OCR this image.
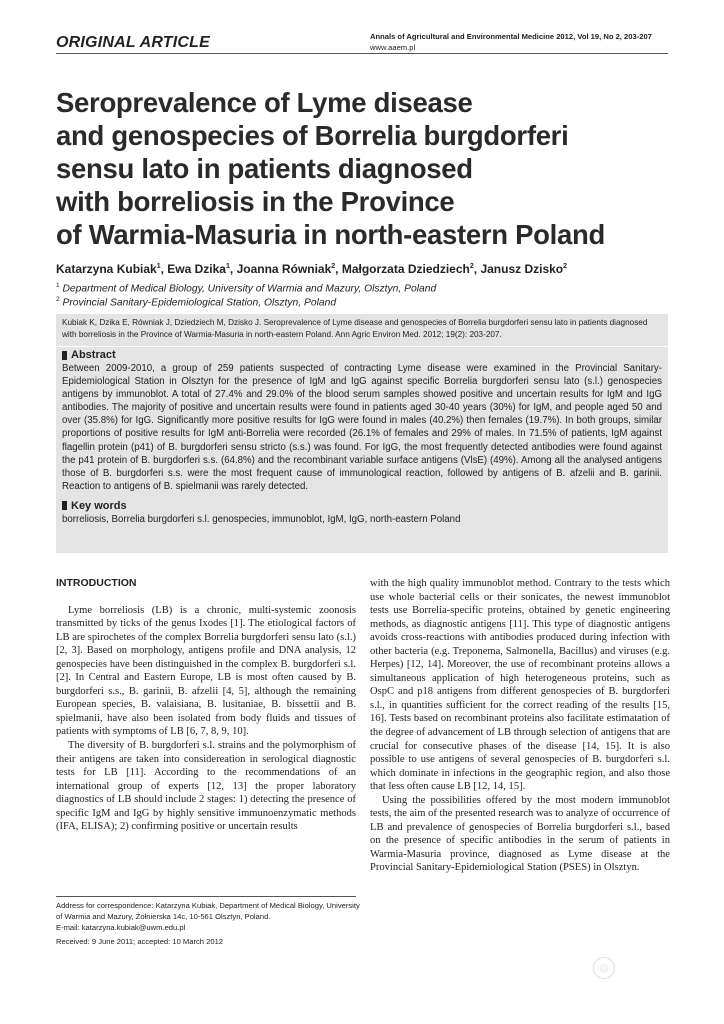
ORIGINAL ARTICLE	Annals of Agricultural and Environmental Medicine 2012, Vol 19, No 2, 203-207
www.aaem.pl
Seroprevalence of Lyme disease
and genospecies of Borrelia burgdorferi
sensu lato in patients diagnosed
with borreliosis in the Province
of Warmia-Masuria in north-eastern Poland
Katarzyna Kubiak$^1$, Ewa Dzika$^1$, Joanna Równiak$^2$, Małgorzata Dziedziech$^2$, Janusz Dzisko$^2$
$^1$ Department of Medical Biology, University of Warmia and Mazury, Olsztyn, Poland
$^2$ Provincial Sanitary-Epidemiological Station, Olsztyn, Poland
Kubiak K, Dzika E, Równiak J, Dziedziech M, Dzisko J. Seroprevalence of Lyme disease and genospecies of Borrelia burgdorferi sensu lato in patients diagnosed with borreliosis in the Province of Warmia-Masuria in north-eastern Poland. Ann Agric Environ Med. 2012; 19(2): 203-207.
Abstract
Between 2009-2010, a group of 259 patients suspected of contracting Lyme disease were examined in the Provincial Sanitary-Epidemiological Station in Olsztyn for the presence of IgM and IgG against specific Borrelia burgdorferi sensu lato (s.l.) genospecies antigens by immunoblot. A total of 27.4% and 29.0% of the blood serum samples showed positive and uncertain results for IgM and IgG antibodies. The majority of positive and uncertain results were found in patients aged 30-40 years (30%) for IgM, and people aged 50 and over (35.8%) for IgG. Significantly more positive results for IgG were found in males (40.2%) then females (19.7%). In both groups, similar proportions of positive results for IgM anti-Borrelia were recorded (26.1% of females and 29% of males. In 71.5% of patients, IgM against flagellin protein (p41) of B. burgdorferi sensu stricto (s.s.) was found. For IgG, the most frequently detected antibodies were found against the p41 protein of B. burgdorferi s.s. (64.8%) and the recombinant variable surface antigens (VlsE) (49%). Among all the analysed antigens those of B. burgdorferi s.s. were the most frequent cause of immunological reaction, followed by antigens of B. afzelii and B. garinii. Reaction to antigens of B. spielmanii was rarely detected.
Key words
borreliosis, Borrelia burgdorferi s.l. genospecies, immunoblot, IgM, IgG, north-eastern Poland
INTRODUCTION

Lyme borreliosis (LB) is a chronic, multi-systemic zoonosis transmitted by ticks of the genus Ixodes [1]. The etiological factors of LB are spirochetes of the complex Borrelia burgdorferi sensu lato (s.l.) [2, 3]. Based on morphology, antigens profile and DNA analysis, 12 genospecies have been distinguished in the complex B. burgdorferi s.l. [2]. In Central and Eastern Europe, LB is most often caused by B. burgdorferi s.s., B. garinii, B. afzelii [4, 5], although the remaining European species, B. valaisiana, B. lusitaniae, B. bissettii and B. spielmanii, have also been isolated from body fluids and tissues of patients with symptoms of LB [6, 7, 8, 9, 10].

The diversity of B. burgdorferi s.l. strains and the polymorphism of their antigens are taken into considereation in serological diagnostic tests for LB [11]. According to the recommendations of an international group of experts [12, 13] the proper laboratory diagnostics of LB should include 2 stages: 1) detecting the presence of specific IgM and IgG by highly sensitive immunoenzymatic methods (IFA, ELISA); 2) confirming positive or uncertain results

with the high quality immunoblot method. Contrary to the tests which use whole bacterial cells or their sonicates, the newest immunoblot tests use Borrelia-specific proteins, obtained by genetic engineering methods, as diagnostic antigens [11]. This type of diagnostic antigens avoids cross-reactions with antibodies produced during infection with other bacteria (e.g. Treponema, Salmonella, Bacillus) and viruses (e.g. Herpes) [12, 14]. Moreover, the use of recombinant proteins allows a simultaneous application of high heterogeneous proteins, such as OspC and p18 antigens from different genospecies of B. burgdorferi s.l., in quantities sufficient for the correct reading of the results [15, 16]. Tests based on recombinant proteins also facilitate estimatation of the degree of advancement of LB through selection of antigens that are crucial for consecutive phases of the disease [14, 15]. It is also possible to use antigens of several genospecies of B. burgdorferi s.l. which dominate in infections in the geographic region, and also those that less often cause LB [12, 14, 15].

Using the possibilities offered by the most modern immunoblot tests, the aim of the presented research was to analyze of occurrence of LB and prevalence of genospecies of Borrelia burgdorferi s.l., based on the presence of specific antibodies in the serum of patients in Warmia-Masuria province, diagnosed as Lyme disease at the Provincial Sanitary-Epidemiological Station (PSES) in Olsztyn.

Address for correspondence: Katarzyna Kubiak, Department of Medical Biology, University of Warmia and Mazury, Żołnierska 14c, 10-561 Olsztyn, Poland.
E-mail: katarzyna.kubiak@uwm.edu.pl
Received: 9 June 2011; accepted: 10 March 2012
◎
